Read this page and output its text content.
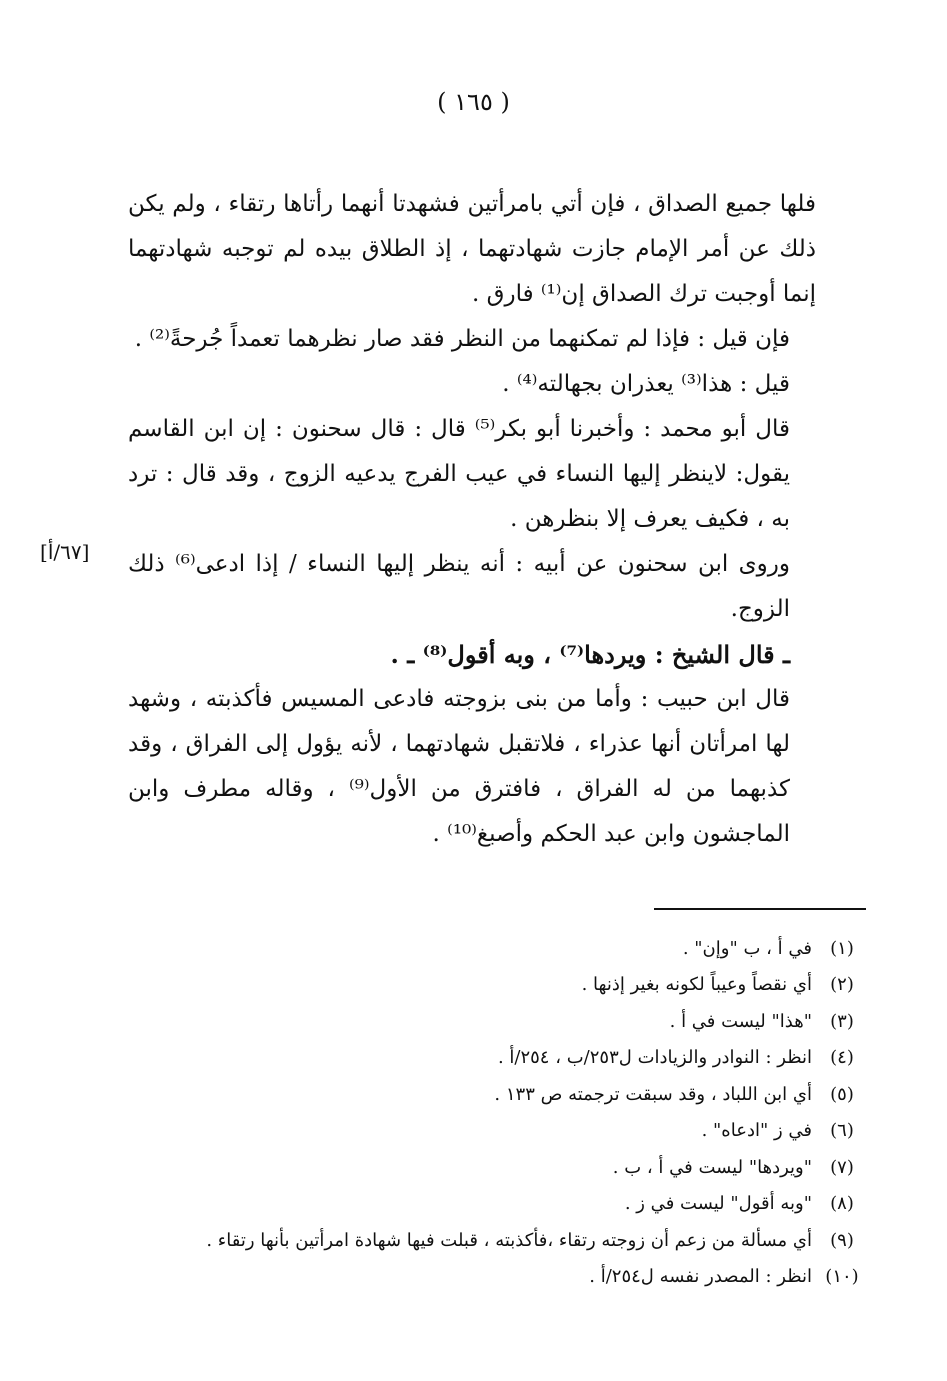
( ١٦٥ )

فلها جميع الصداق ، فإن أتي بامرأتين فشهدتا أنهما رأتاها رتقاء ، ولم يكن ذلك عن أمر الإمام جازت شهادتهما ، إذ الطلاق بيده لم توجبه شهادتهما إنما أوجبت ترك الصداق إن⁽¹⁾ فارق .

فإن قيل : فإذا لم تمكنهما من النظر فقد صار نظرهما تعمداً جُرحةً⁽²⁾ .

قيل : هذا⁽³⁾ يعذران بجهالته⁽⁴⁾ .

قال أبو محمد : وأخبرنا أبو بكر⁽⁵⁾ قال : قال سحنون : إن ابن القاسم يقول: لاينظر إليها النساء في عيب الفرج يدعيه الزوج ، وقد قال : ترد به ، فكيف يعرف إلا بنظرهن .

وروى ابن سحنون عن أبيه : أنه ينظر إليها النساء / إذا ادعى⁽⁶⁾ ذلك الزوج.

ـ قال الشيخ : ويردها⁽⁷⁾ ، وبه أقول⁽⁸⁾ ـ .

قال ابن حبيب : وأما من بنى بزوجته فادعى المسيس فأكذبته ، وشهد لها امرأتان أنها عذراء ، فلاتقبل شهادتهما ، لأنه يؤول إلى الفراق ، وقد كذبهما من له الفراق ، فافترق من الأول⁽⁹⁾ ، وقاله مطرف وابن الماجشون وابن عبد الحكم وأصبغ⁽¹⁰⁾ .

[٦٧/أ]
(١)
في أ ، ب "وإن" .
(٢)
أي نقصاً وعيباً لكونه بغير إذنها .
(٣)
"هذا" ليست في أ .
(٤)
انظر : النوادر والزيادات ل٢٥٣/ب ، ٢٥٤/أ .
(٥)
أي ابن اللباد ، وقد سبقت ترجمته ص ١٣٣ .
(٦)
في ز "ادعاه" .
(٧)
"ويردها" ليست في أ ، ب .
(٨)
"وبه أقول" ليست في ز .
(٩)
أي مسألة من زعم أن زوجته رتقاء ،فأكذبته ، قبلت فيها شهادة امرأتين بأنها رتقاء .
(١٠)
انظر : المصدر نفسه ل٢٥٤/أ .
